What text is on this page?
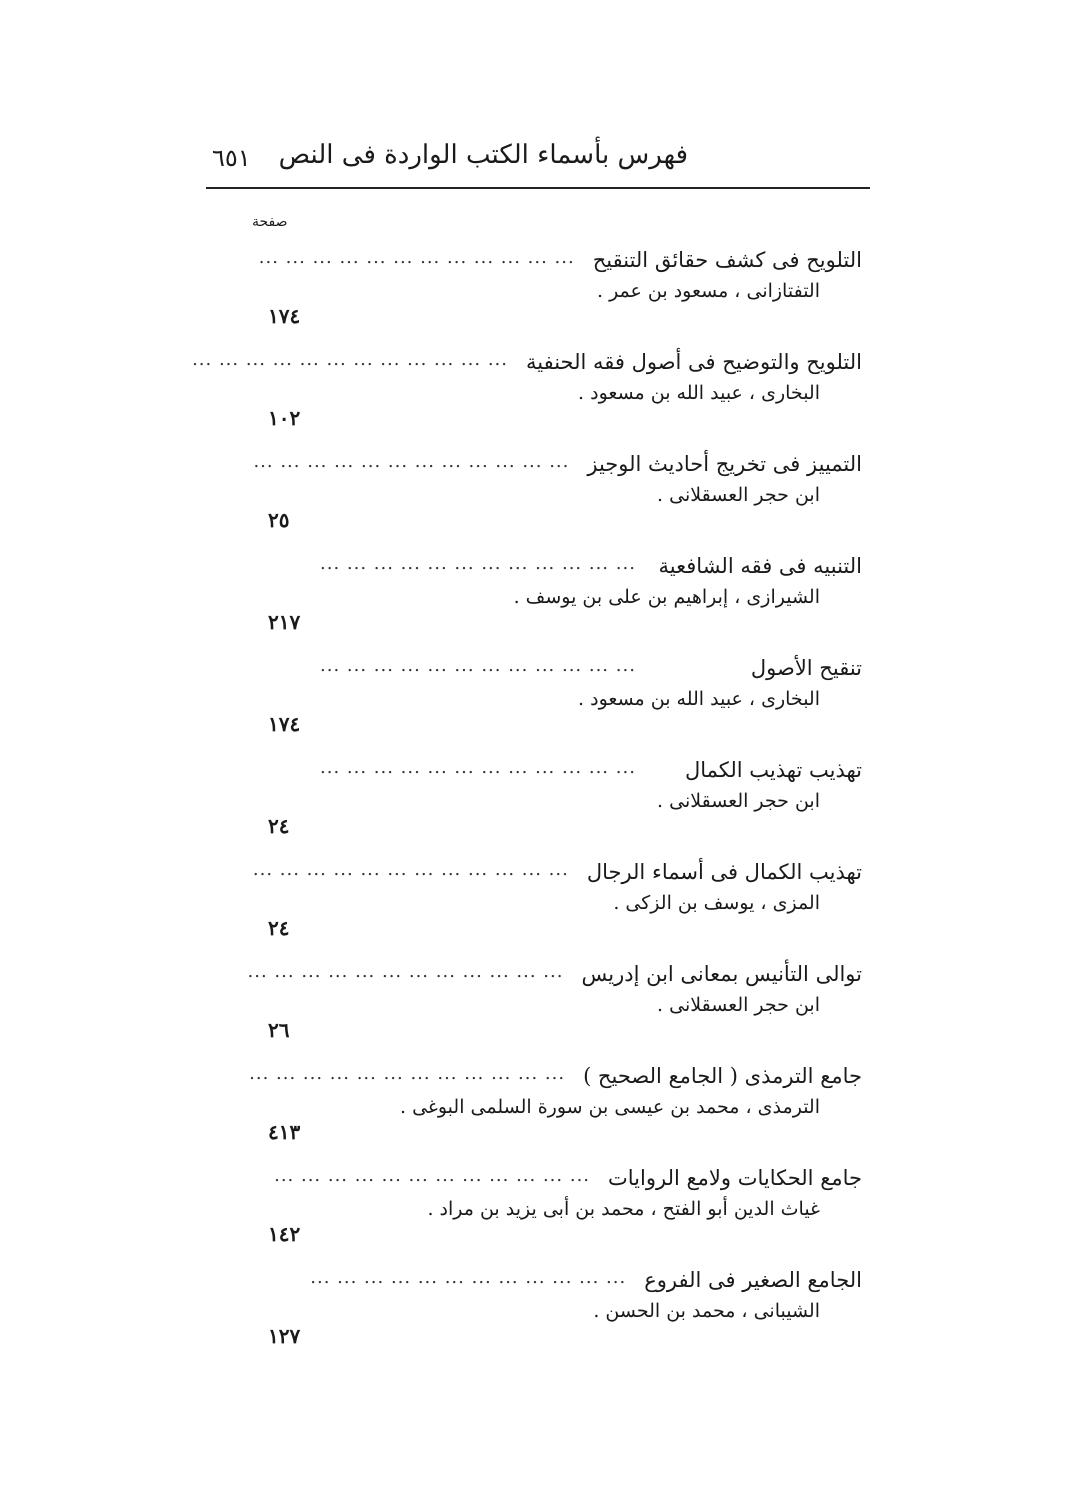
٦٥١ فهرس بأسماء الكتب الواردة فى النص
صفحة
التلويح فى كشف حقائق التنقيح
... ... ... ... ... ... ... ... ... ... ... ...
١٧٤
التفتازانى ، مسعود بن عمر .
التلويح والتوضيح فى أصول فقه الحنفية
... ... ... ... ... ... ... ... ... ... ... ...
١٠٢
البخارى ، عبيد الله بن مسعود .
التمييز فى تخريج أحاديث الوجيز
... ... ... ... ... ... ... ... ... ... ... ...
٢٥
ابن حجر العسقلانى .
التنبيه فى فقه الشافعية
... ... ... ... ... ... ... ... ... ... ... ...
٢١٧
الشيرازى ، إبراهيم بن على بن يوسف .
تنقيح الأصول
... ... ... ... ... ... ... ... ... ... ... ...
١٧٤
البخارى ، عبيد الله بن مسعود .
تهذيب تهذيب الكمال
... ... ... ... ... ... ... ... ... ... ... ...
٢٤
ابن حجر العسقلانى .
تهذيب الكمال فى أسماء الرجال
... ... ... ... ... ... ... ... ... ... ... ...
٢٤
المزى ، يوسف بن الزكى .
توالى التأنيس بمعانى ابن إدريس
... ... ... ... ... ... ... ... ... ... ... ...
٢٦
ابن حجر العسقلانى .
جامع الترمذى ( الجامع الصحيح )
... ... ... ... ... ... ... ... ... ... ... ...
٤١٣
الترمذى ، محمد بن عيسى بن سورة السلمى البوغى .
جامع الحكايات ولامع الروايات
... ... ... ... ... ... ... ... ... ... ... ...
١٤٢
غياث الدين أبو الفتح ، محمد بن أبى يزيد بن مراد .
الجامع الصغير فى الفروع
... ... ... ... ... ... ... ... ... ... ... ...
١٢٧
الشيبانى ، محمد بن الحسن .
